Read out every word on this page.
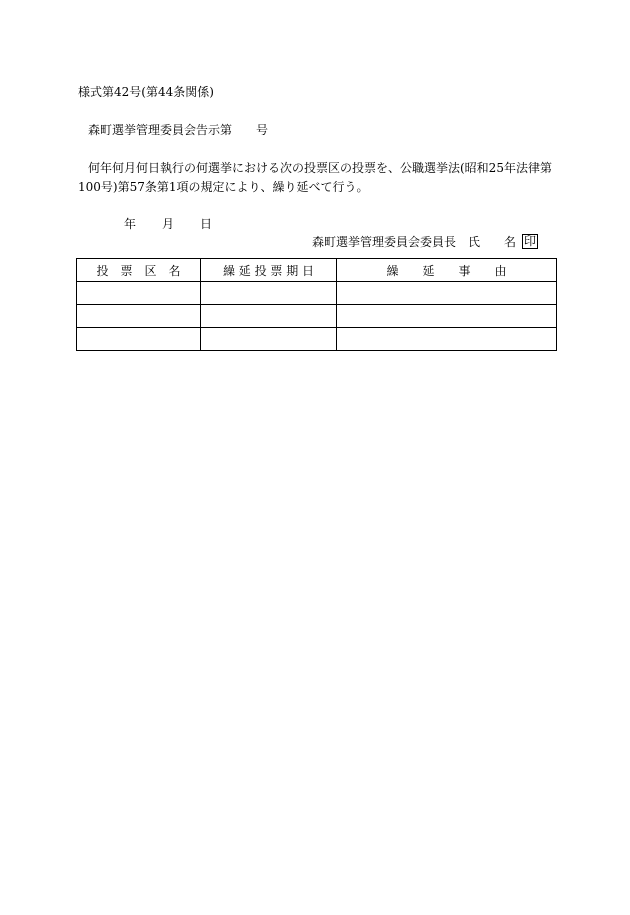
様式第42号(第44条関係)
森町選挙管理委員会告示第　　号
何年何月何日執行の何選挙における次の投票区の投票を、公職選挙法(昭和25年法律第
100号)第57条第1項の規定により、繰り延べて行う。
年 月 日
森町選挙管理委員会委員長　氏　　名 印
投　票　区　名	繰 延 投 票 期 日	繰　　延　　事　　由
